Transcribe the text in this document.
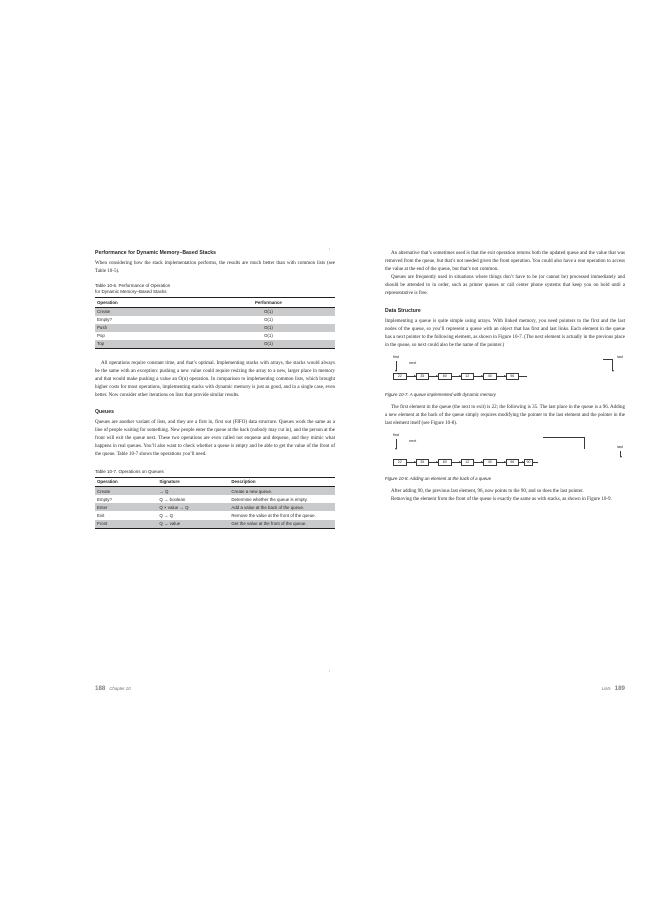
Performance for Dynamic Memory–Based Stacks

When considering how the stack implementation performs, the results are much better than with common lists (see Table 10-5).

Table 10-6. Performance of Operation
for Dynamic Memory–Based Stacks
Operation	Performance
Create	O(1)
Empty?	O(1)
Push	O(1)
Pop	O(1)
Top	O(1)

All operations require constant time, and that’s optimal. Implementing stacks with arrays, the stacks would always be the same with an exception: pushing a new value could require resizing the array to a new, larger place in memory and that would make pushing a value an O(n) operation. In comparison to implementing common lists, which brought higher costs for most operations, implementing stacks with dynamic memory is just as good, and in a single case, even better. Now consider other iterations on lists that provide similar results.

Queues

Queues are another variant of lists, and they are a first in, first out (FIFO) data structure. Queues work the same as a line of people waiting for something. New people enter the queue at the back (nobody may cut in), and the person at the front will exit the queue next. These two operations are even called not enqueue and dequeue, and they mimic what happens in real queues. You’ll also want to check whether a queue is empty and be able to get the value of the front of the queue. Table 10-7 shows the operations you’ll need.

Table 10-7. Operations on Queues
Operation	Signature	Description
Create	→ Q	Create a new queue.
Empty?	Q → boolean	Determine whether the queue is empty.
Enter	Q × value → Q	Add a value at the back of the queue.
Exit	Q → Q	Remove the value at the front of the queue.
Front	Q → value	Get the value at the front of the queue.
188 Chapter 10

An alternative that’s sometimes used is that the exit operation returns both the updated queue and the value that was removed from the queue, but that’s not needed given the front operation. You could also have a rear operation to access the value at the end of the queue, but that’s not common.

Queues are frequently used in situations where things don’t have to be (or cannot be) processed immediately and should be attended to in order, such as printer queues or call center phone systems that keep you on hold until a representative is free.

Data Structure

Implementing a queue is quite simple using arrays. With linked memory, you need pointers to the first and the last nodes of the queue, so you’ll represent a queue with an object that has first and last links. Each element in the queue has a next pointer to the following element, as shown in Figure 10-7. (The next element is actually in the previous place in the queue, so next could also be the name of the pointer.)

first
next
last
22	35	60	12	40	96
Figure 10-7. A queue implemented with dynamic memory

The first element in the queue (the next to exit) is 22; the following is 35. The last place in the queue is a 96. Adding a new element at the back of the queue simply requires modifying the pointer to the last element and the pointer in the last element itself (see Figure 10-8).

first
next
last
22	35	60	12	40	96	90
Figure 10-8. Adding an element at the back of a queue

After adding 90, the previous last element, 96, now points to the 90, and so does the last pointer.

Removing the element from the front of the queue is exactly the same as with stacks, as shown in Figure 10-9.

Lists 189
